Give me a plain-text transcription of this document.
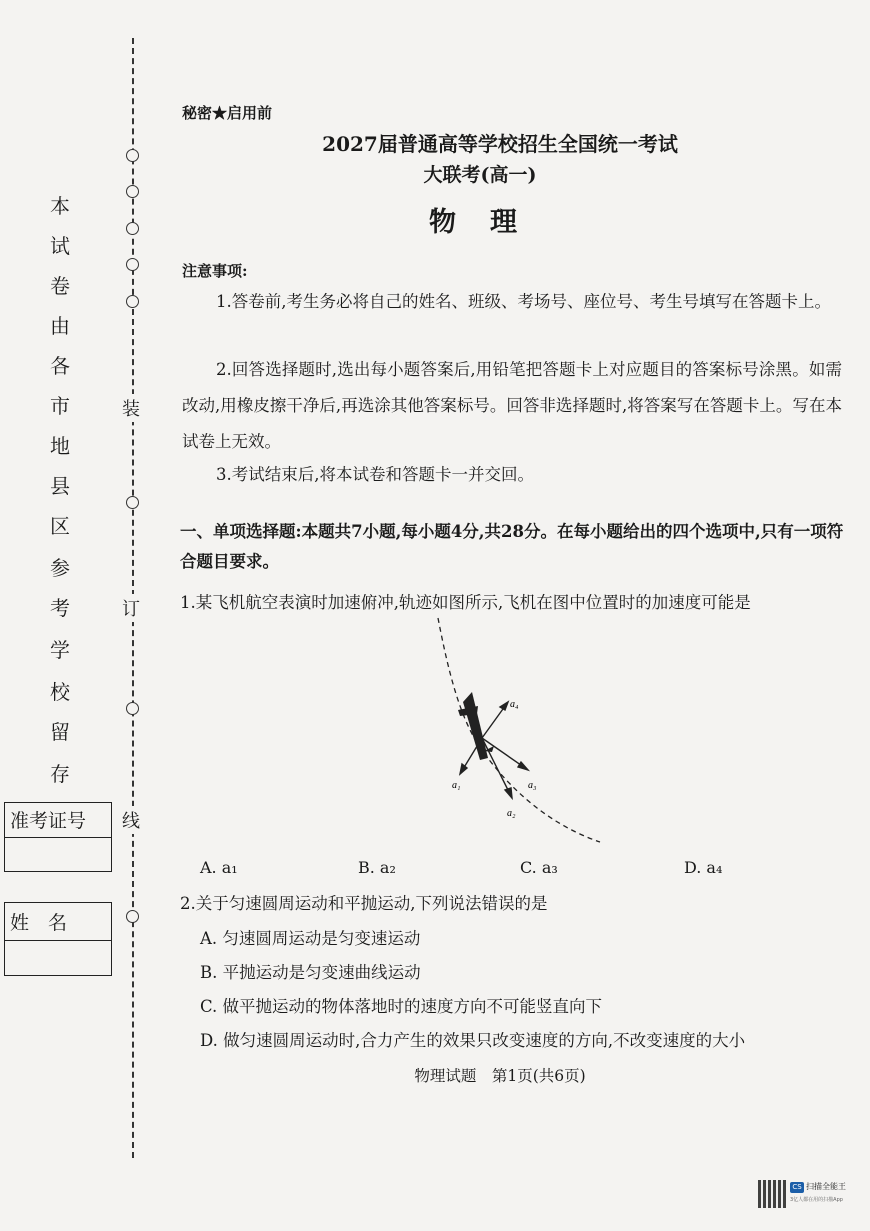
装
订
线
本
试
卷
由
各
市
地
县
区
参
考
学
校
留
存
准考证号
姓　名
秘密★启用前
2027届普通高等学校招生全国统一考试
大联考(高一)
物理
注意事项:
1.答卷前,考生务必将自己的姓名、班级、考场号、座位号、考生号填写在答题卡上。
2.回答选择题时,选出每小题答案后,用铅笔把答题卡上对应题目的答案标号涂黑。如需改动,用橡皮擦干净后,再选涂其他答案标号。回答非选择题时,将答案写在答题卡上。写在本试卷上无效。
3.考试结束后,将本试卷和答题卡一并交回。
一、单项选择题:本题共7小题,每小题4分,共28分。在每小题给出的四个选项中,只有一项符合题目要求。
1.某飞机航空表演时加速俯冲,轨迹如图所示,飞机在图中位置时的加速度可能是
a₄
a₃
a₂
a₁
A. a₁	B. a₂	C. a₃	D. a₄
2.关于匀速圆周运动和平抛运动,下列说法错误的是
A. 匀速圆周运动是匀变速运动
B. 平抛运动是匀变速曲线运动
C. 做平抛运动的物体落地时的速度方向不可能竖直向下
D. 做匀速圆周运动时,合力产生的效果只改变速度的方向,不改变速度的大小
物理试题　第1页(共6页)
CS 扫描全能王
3亿人都在用的扫描App
